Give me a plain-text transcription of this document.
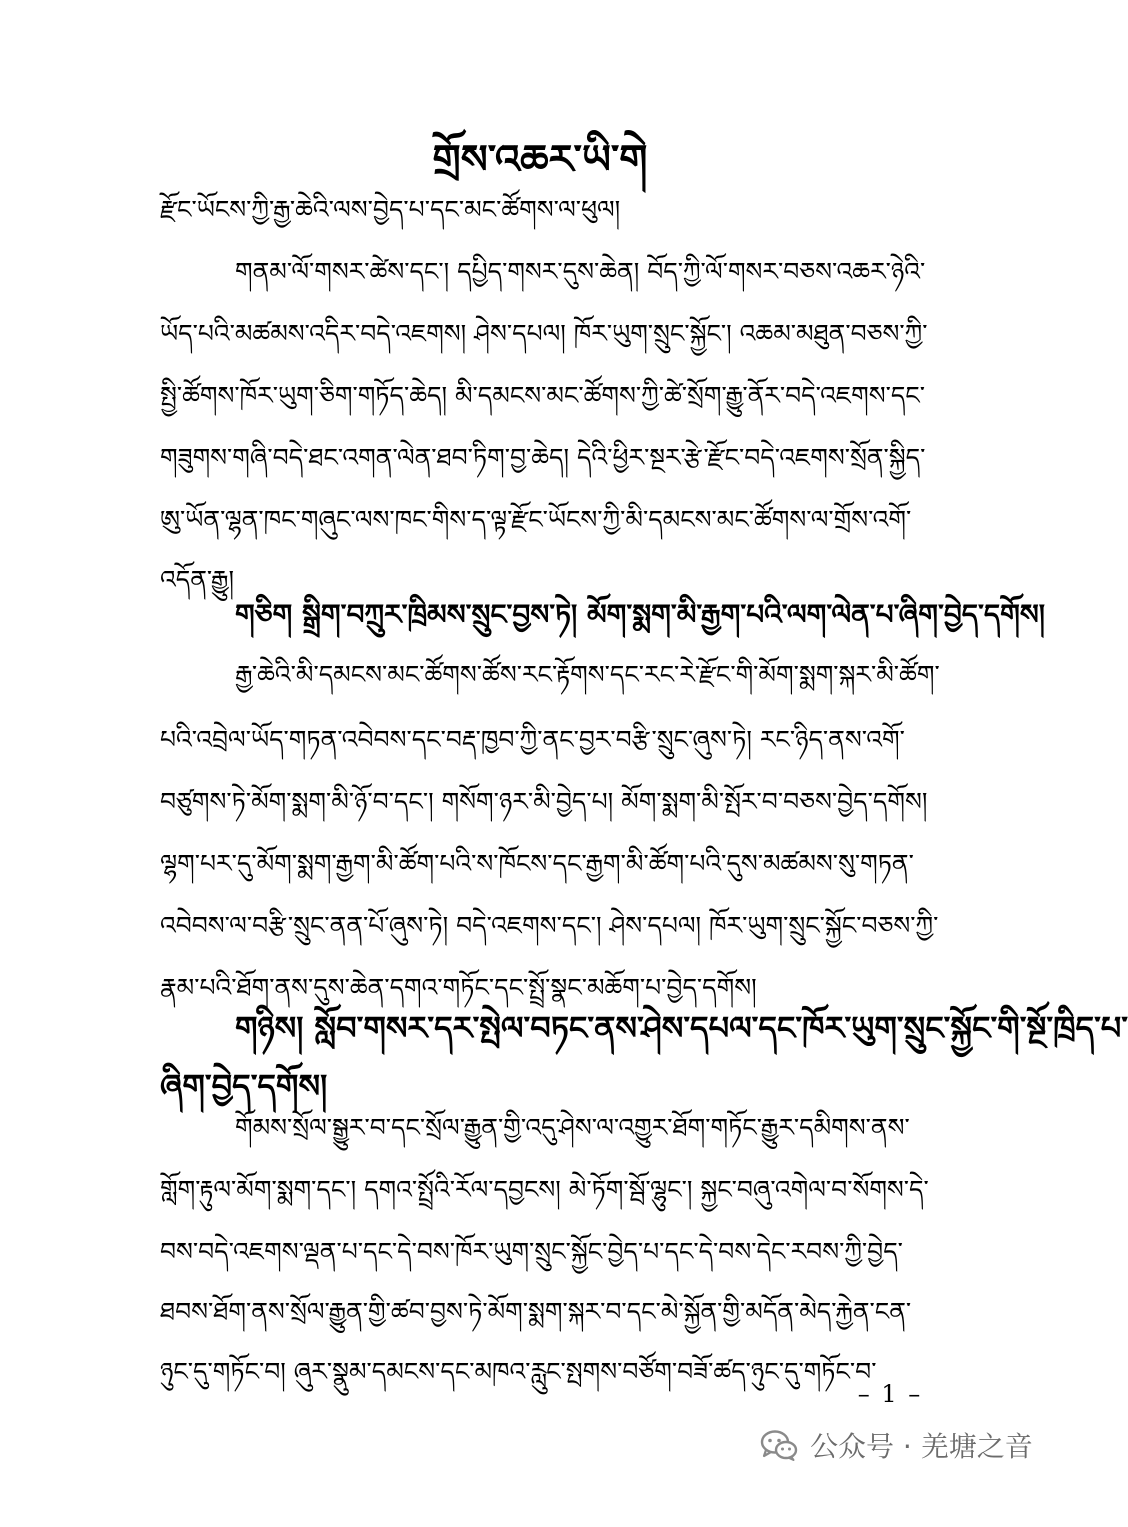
གྲོས་འཆར་ཡི་གེ
རྫོང་ཡོངས་ཀྱི་རྒྱ་ཆེའི་ལས་བྱེད་པ་དང་མང་ཚོགས་ལ་ཕུལ།
གནམ་ལོ་གསར་ཚེས་དང་། དཔྱིད་གསར་དུས་ཆེན། བོད་ཀྱི་ལོ་གསར་བཅས་འཆར་ཉེའི་
ཡོད་པའི་མཚམས་འདིར་བདེ་འཇགས། ཤེས་དཔལ། ཁོར་ཡུག་སྲུང་སྐྱོང་། འཆམ་མཐུན་བཅས་ཀྱི་
སྤྱི་ཚོགས་ཁོར་ཡུག་ཅིག་གཏོད་ཆེད། མི་དམངས་མང་ཚོགས་ཀྱི་ཚེ་སྲོག་རྒྱུ་ནོར་བདེ་འཇགས་དང་
གཟུགས་གཞི་བདེ་ཐང་འགན་ལེན་ཐབ་ཏིག་བྱ་ཆེད། དེའི་ཕྱིར་སྔར་རྩེ་རྫོང་བདེ་འཇགས་སྲོན་སྐྱིད་
ཨུ་ཡོན་ལྷན་ཁང་གཞུང་ལས་ཁང་གིས་ད་ལྟ་རྫོང་ཡོངས་ཀྱི་མི་དམངས་མང་ཚོགས་ལ་གྲོས་འགོ་
འདོན་རྒྱུ།
གཅིག སྒྲིག་བཀྲུར་ཁྲིམས་སྲུང་བྱས་ཏེ། མོག་སྨག་མི་རྒྱག་པའི་ལག་ལེན་པ་ཞིག་བྱེད་དགོས།
རྒྱ་ཆེའི་མི་དམངས་མང་ཚོགས་ཚོས་རང་རྟོགས་དང་རང་རེ་རྫོང་གི་མོག་སྨག་སྐར་མི་ཚོག་
པའི་འབྲེལ་ཡོད་གཏན་འབེབས་དང་བརྡ་ཁྱབ་ཀྱི་ནང་བྱར་བརྩི་སྲུང་ཞུས་ཏེ། རང་ཉིད་ནས་འགོ་
བཙུགས་ཏེ་མོག་སྨག་མི་ཉོ་བ་དང་། གསོག་ཉར་མི་བྱེད་པ། མོག་སྨག་མི་སྤོར་བ་བཅས་བྱེད་དགོས།
ལྷག་པར་དུ་མོག་སྨག་རྒྱག་མི་ཚོག་པའི་ས་ཁོངས་དང་རྒྱག་མི་ཚོག་པའི་དུས་མཚམས་སུ་གཏན་
འབེབས་ལ་བརྩི་སྲུང་ནན་པོ་ཞུས་ཏེ། བདེ་འཇགས་དང་། ཤེས་དཔལ། ཁོར་ཡུག་སྲུང་སྐྱོང་བཅས་ཀྱི་
རྣམ་པའི་ཐོག་ནས་དུས་ཆེན་དགའ་གཏོང་དང་སྤྲོ་སྣང་མཆོག་པ་བྱེད་དགོས།
གཉིས། སློབ་གསར་དར་སྤེལ་བཏང་ནས་ཤེས་དཔལ་དང་ཁོར་ཡུག་སྲུང་སྐྱོང་གི་སྔོ་ཁྲིད་པ་
ཞིག་བྱེད་དགོས།
གོམས་སྲོལ་སྒྱུར་བ་དང་སྲོལ་རྒྱུན་གྱི་འདུ་ཤེས་ལ་འགྱུར་ཐོག་གཏོང་རྒྱུར་དམིགས་ནས་
གློག་རྟུལ་མོག་སྨག་དང་། དགའ་སྤྲོའི་རོལ་དབྱངས། མེ་ཏོག་སྦོ་ལྷུང་། སྐྱང་བཞུ་འགེལ་བ་སོགས་དེ་
བས་བདེ་འཇགས་ལྡན་པ་དང་དེ་བས་ཁོར་ཡུག་སྲུང་སྐྱོང་བྱེད་པ་དང་དེ་བས་དེང་རབས་ཀྱི་བྱེད་
ཐབས་ཐོག་ནས་སྲོལ་རྒྱུན་གྱི་ཚབ་བྱས་ཏེ་མོག་སྨག་སྐར་བ་དང་མེ་སྐྱོན་གྱི་མདོན་མེད་རྐྱེན་ངན་
ཉུང་དུ་གཏོང་བ། ཞུར་སྣུམ་དམངས་དང་མཁའ་རླུང་སྤགས་བཙོག་བཟོ་ཚད་ཉུང་དུ་གཏོང་བ་
– 1 –
公众号 · 羌塘之音
